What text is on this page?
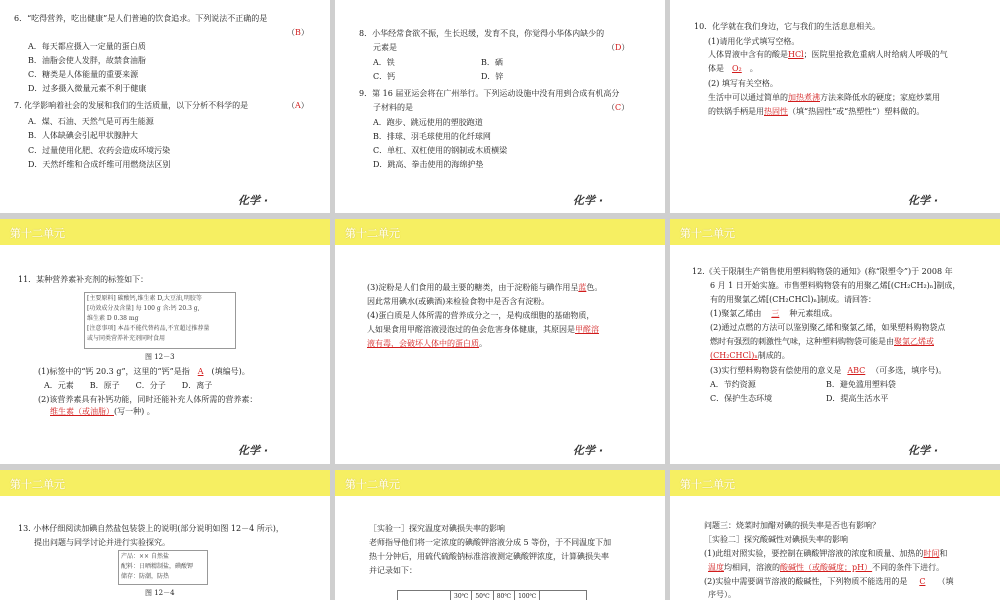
6．“吃得营养，吃出健康”是人们普遍的饮食追求。下列说法不正确的是
（B）
A．每天都应摄入一定量的蛋白质
B．油脂会使人发胖，故禁食油脂
C．糖类是人体能量的重要来源
D．过多摄入微量元素不利于健康
7. 化学影响着社会的发展和我们的生活质量，以下分析不科学的是	（A）
A．煤、石油、天然气是可再生能源
B．人体缺碘会引起甲状腺肿大
C．过量使用化肥、农药会造成环境污染
D．天然纤维和合成纤维可用燃烧法区别
化学 ·
8．小华经常食欲不振，生长迟缓，发育不良，你觉得小华体内缺少的
元素是	（D）
A．铁	B．硒
C．钙	D．锌
9．第 16 届亚运会将在广州举行。下列运动设施中没有用到合成有机高分
子材料的是	（C）
A．跑步、跳远使用的塑胶跑道
B．排球、羽毛球使用的化纤球网
C．单杠、双杠使用的钢制或木质横梁
D．跳高、拳击使用的海绵护垫
化学 ·
10．化学就在我们身边，它与我们的生活息息相关。
(1)请用化学式填写空格。
人体胃液中含有的酸是HCl；医院里抢救危重病人时给病人呼吸的气
体是 O₂ 。
(2) 填写有关空格。
生活中可以通过简单的加热煮沸方法来降低水的硬度；家庭炒菜用
的铁锅手柄是用热固性（填“热固性”或“热塑性”）塑料做的。
化学 ·
第十二单元
11．某种营养素补充剂的标签如下：
[主要原料] 碳酸钙,维生素 D,大豆油,明胶等
[功效成分及含量] 每 100 g 含:钙 20.3 g,
维生素 D 0.38 mg
[注意事项] 本品不能代替药品,不宜超过推荐量
或与同类营养补充剂同时食用
图 12－3
(1)标签中的“钙 20.3 g”，这里的“钙”是指 A (填编号)。
A．元素　　B．原子　　C．分子　　D．离子
(2)该营养素具有补钙功能，同时还能补充人体所需的营养素：
维生素（或油脂）(写一种) 。
化学 ·
第十二单元
(3)淀粉是人们食用的最主要的糖类，由于淀粉能与碘作用呈蓝色。
因此常用碘水(或碘酒)来检验食物中是否含有淀粉。
(4)蛋白质是人体所需的营养成分之一，是构成细胞的基础物质，
人如果食用甲醛溶液浸泡过的鱼会危害身体健康，其原因是甲醛溶
液有毒，会破坏人体中的蛋白质。
化学 ·
第十二单元
12.《关于限制生产销售使用塑料购物袋的通知》(称“限塑令”)于 2008 年
6 月 1 日开始实施。市售塑料购物袋有的用聚乙烯[(CH₂CH₂)ₙ]制成，
有的用聚氯乙烯[(CH₂CHCl)ₙ]制成。请回答：
(1)聚氯乙烯由 三 种元素组成。
(2)通过点燃的方法可以鉴别聚乙烯和聚氯乙烯，如果塑料购物袋点
燃时有强烈的刺激性气味，这种塑料购物袋可能是由聚氯乙烯或
(CH₂CHCl)ₙ制成的。
(3)实行塑料购物袋有偿使用的意义是 ABC （可多选，填序号)。
A．节约资源	B．避免滥用塑料袋
C．保护生态环境	D．提高生活水平
化学 ·
第十二单元
13. 小林仔细阅读加碘自然盐包装袋上的说明(部分说明如图 12－4 所示)，
提出问题与同学讨论并进行实验探究。
产品：×× 自然盐
配料：日晒精制盐，碘酸钾
储存：防潮，防热
图 12－4
第十二单元
［实验一］探究温度对碘损失率的影响
老师指导他们将一定浓度的碘酸钾溶液分成 5 等份，于不同温度下加
热十分钟后，用硫代硫酸钠标准溶液测定碘酸钾浓度，计算碘损失率
并记录如下：
	30℃	50℃	80℃	100℃	
第十二单元
问题三：烧菜时加醋对碘的损失率是否也有影响？
［实验二］探究酸碱性对碘损失率的影响
(1)此组对照实验，要控制在碘酸钾溶液的浓度和质量、加热的时间和
温度均相同，溶液的酸碱性（或酸碱度；pH）不同的条件下进行。
(2)实验中需要调节溶液的酸碱性，下列物质不能选用的是 C （填
序号）。
